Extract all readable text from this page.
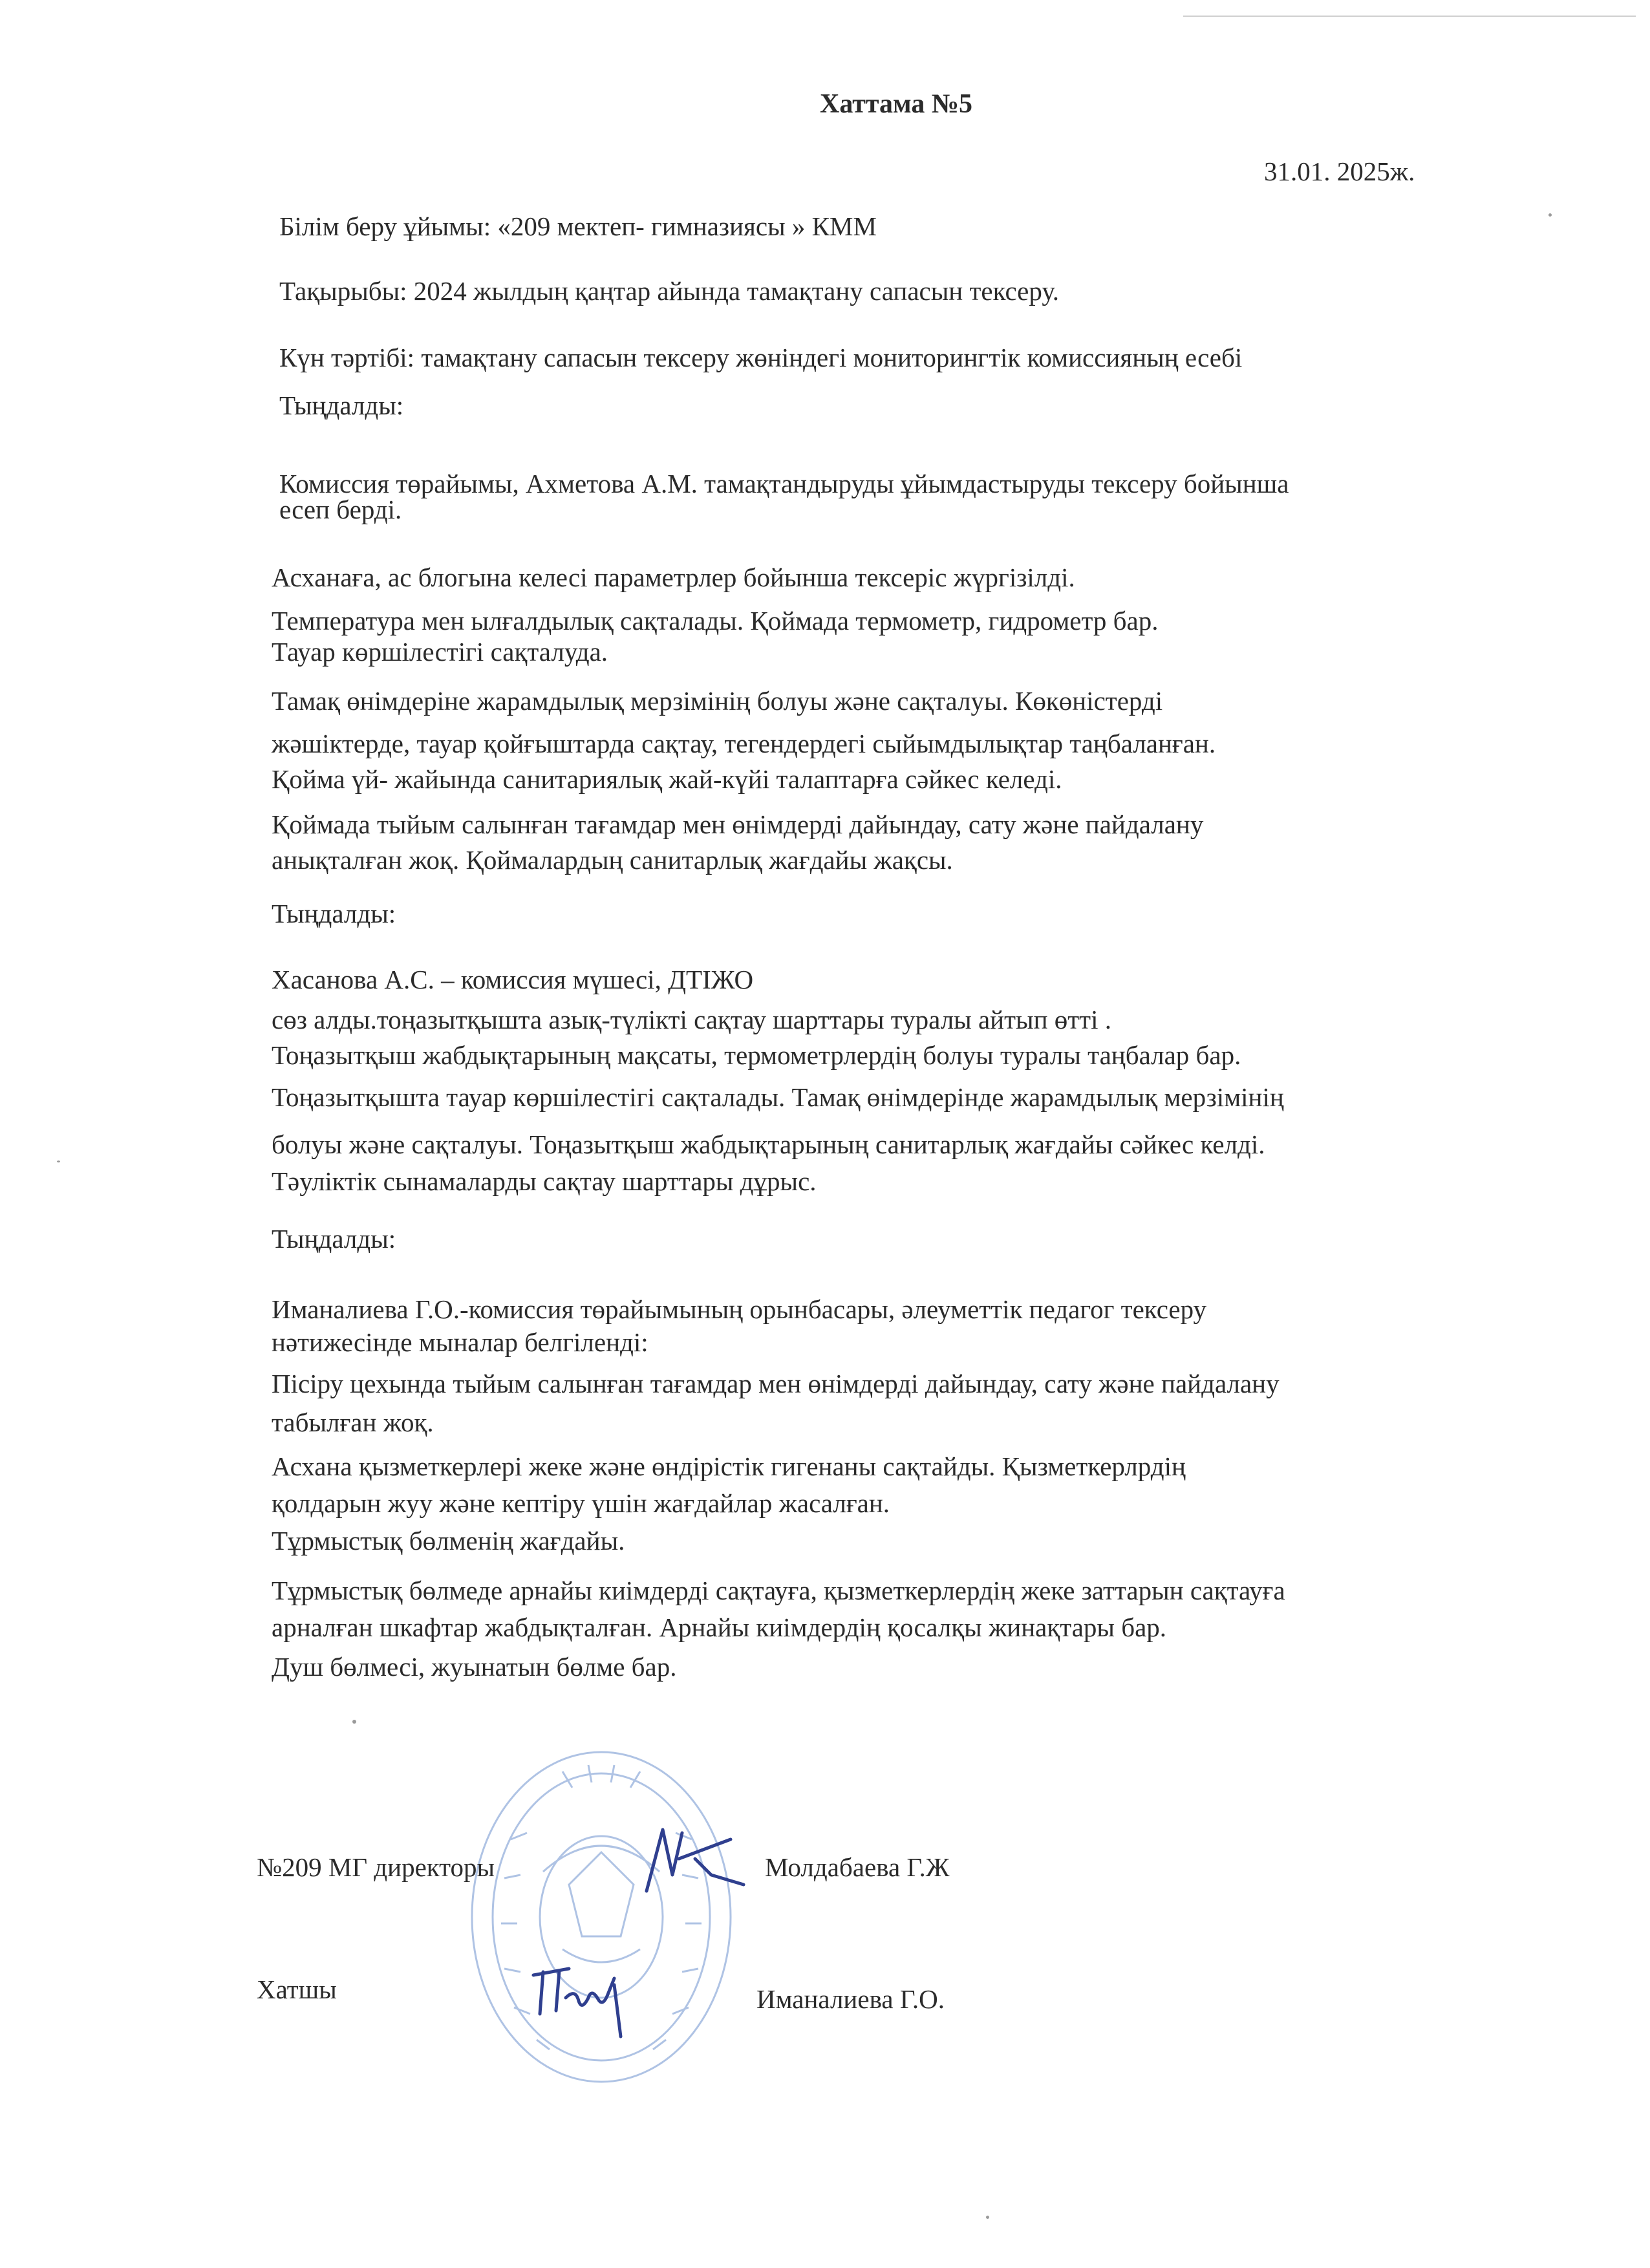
Хаттама №5
31.01. 2025ж.
Білім беру ұйымы: «209 мектеп- гимназиясы » КММ
Тақырыбы: 2024 жылдың қаңтар айында тамақтану сапасын тексеру.
Күн тәртібі: тамақтану сапасын тексеру жөніндегі мониторингтік комиссияның есебі
Тыңдалды:
Комиссия төрайымы, Ахметова А.М. тамақтандыруды ұйымдастыруды тексеру бойынша
есеп берді.
Асханаға, ас блогына келесі параметрлер бойынша тексеріс жүргізілді.
Температура мен ылғалдылық сақталады. Қоймада термометр, гидрометр бар.
Тауар көршілестігі сақталуда.
Тамақ өнімдеріне жарамдылық мерзімінің болуы және сақталуы. Көкөністерді
жәшіктерде, тауар қойғыштарда сақтау, тегендердегі сыйымдылықтар таңбаланған.
Қойма үй- жайында санитариялық жай-күйі талаптарға сәйкес келеді.
Қоймада тыйым салынған тағамдар мен өнімдерді дайындау, сату және пайдалану
анықталған жоқ. Қоймалардың санитарлық жағдайы жақсы.
Тыңдалды:
Хасанова А.С. – комиссия мүшесі, ДТІЖО
сөз алды.тоңазытқышта азық-түлікті сақтау шарттары туралы айтып өтті .
Тоңазытқыш жабдықтарының мақсаты, термометрлердің болуы туралы таңбалар бар.
Тоңазытқышта тауар көршілестігі сақталады. Тамақ өнімдерінде жарамдылық мерзімінің
болуы және сақталуы. Тоңазытқыш жабдықтарының санитарлық жағдайы сәйкес келді.
Тәуліктік сынамаларды сақтау шарттары дұрыс.
Тыңдалды:
Иманалиева Г.О.-комиссия төрайымының орынбасары, әлеуметтік педагог тексеру
нәтижесінде мыналар белгіленді:
Пісіру цехында тыйым салынған тағамдар мен өнімдерді дайындау, сату және пайдалану
табылған жоқ.
Асхана қызметкерлері жеке және өндірістік гигенаны сақтайды. Қызметкерлрдің
қолдарын жуу және кептіру үшін жағдайлар жасалған.
Тұрмыстық бөлменің жағдайы.
Тұрмыстық бөлмеде арнайы киімдерді сақтауға, қызметкерлердің жеке заттарын сақтауға
арналған шкафтар жабдықталған. Арнайы киімдердің қосалқы жинақтары бар.
Душ бөлмесі, жуынатын бөлме бар.
№209 МГ директоры	Молдабаева Г.Ж
Хатшы	Иманалиева Г.О.
